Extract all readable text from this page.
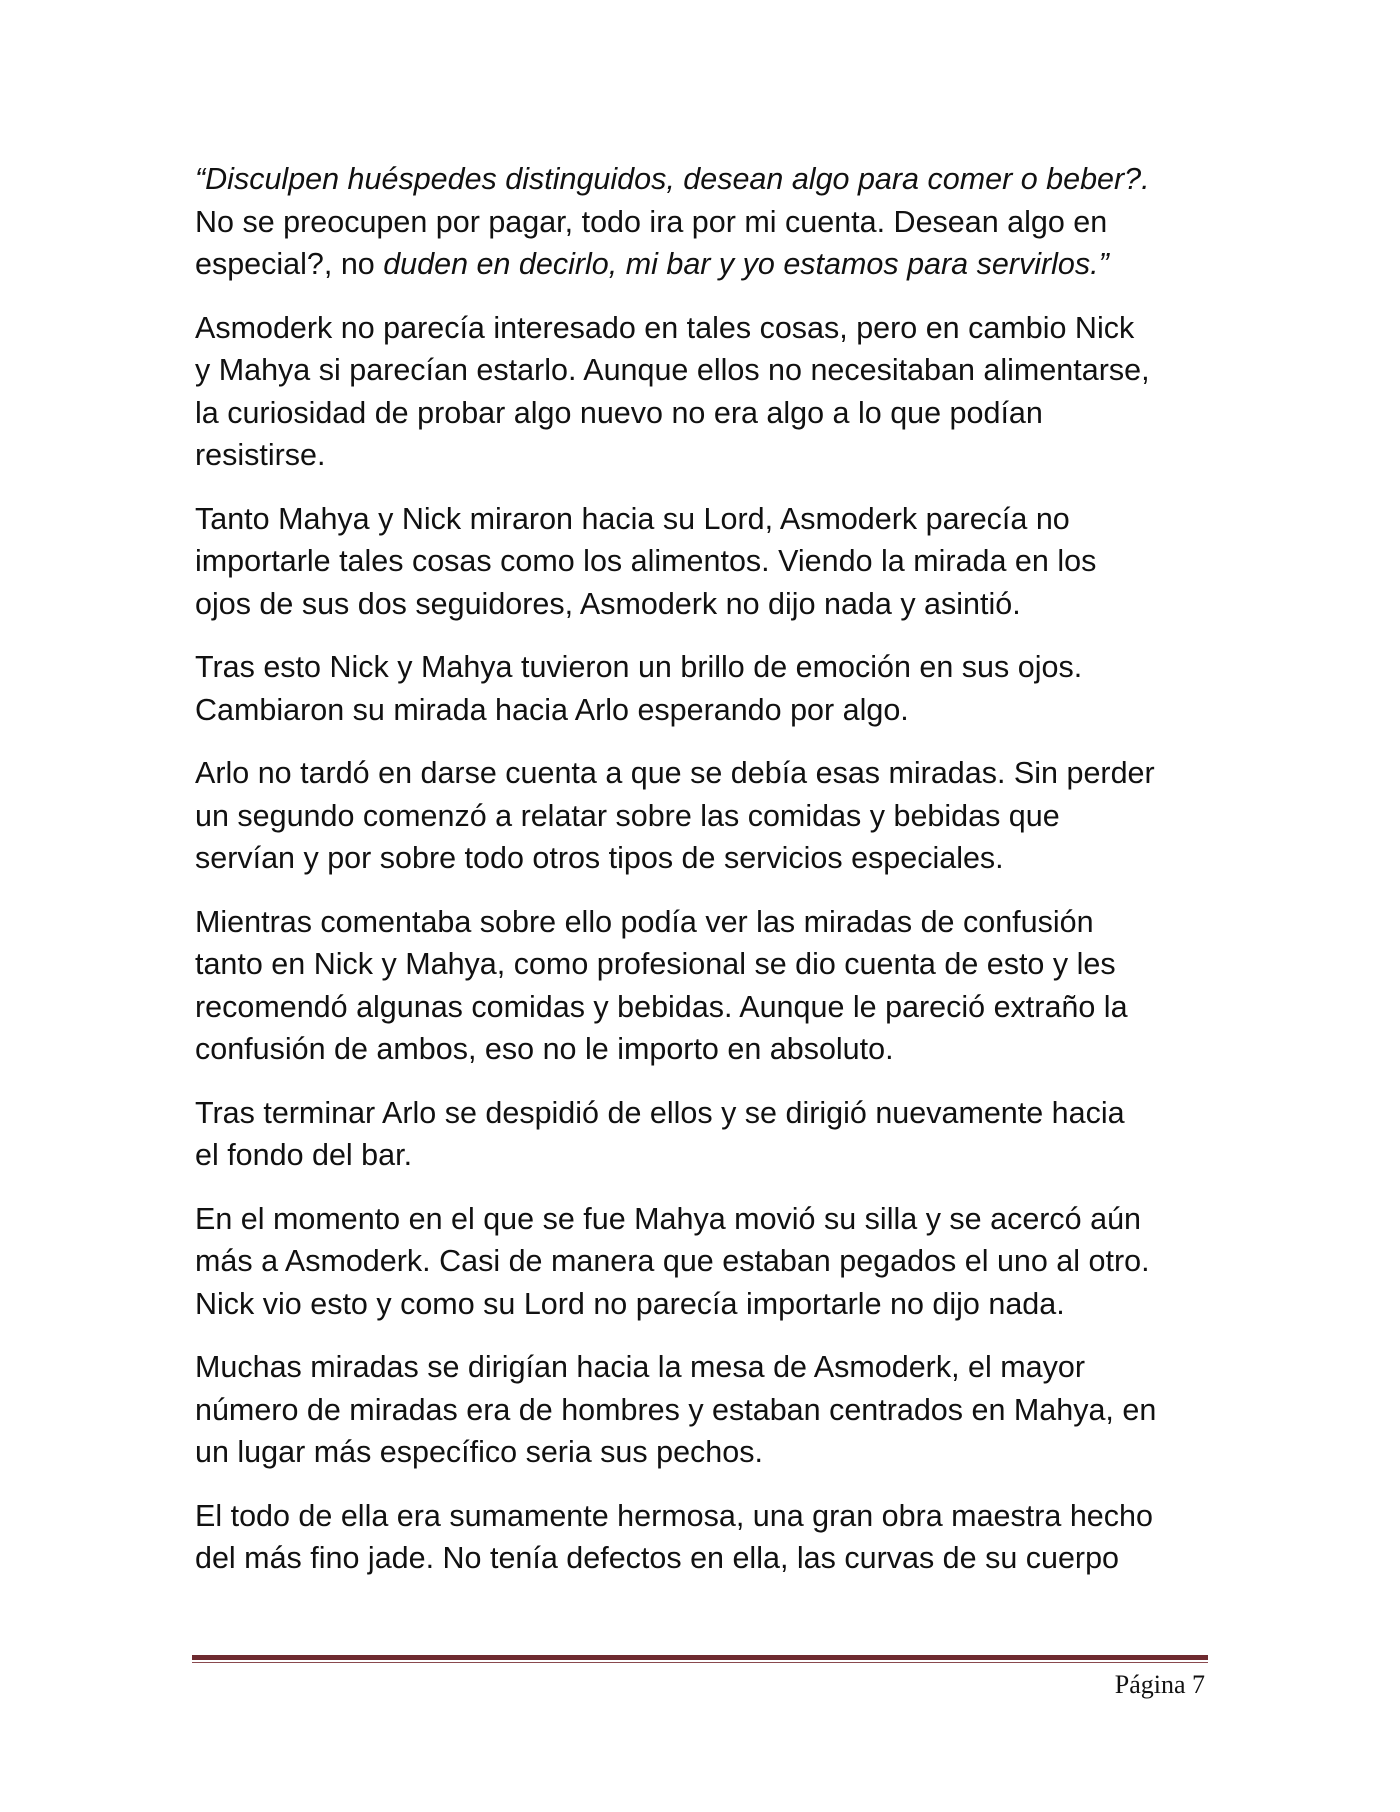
“Disculpen huéspedes distinguidos, desean algo para comer o beber?.
No se preocupen por pagar, todo ira por mi cuenta. Desean algo en
especial?, no duden en decirlo, mi bar y yo estamos para servirlos.”

Asmoderk no parecía interesado en tales cosas, pero en cambio Nick
y Mahya si parecían estarlo. Aunque ellos no necesitaban alimentarse,
la curiosidad de probar algo nuevo no era algo a lo que podían
resistirse.

Tanto Mahya y Nick miraron hacia su Lord, Asmoderk parecía no
importarle tales cosas como los alimentos. Viendo la mirada en los
ojos de sus dos seguidores, Asmoderk no dijo nada y asintió.

Tras esto Nick y Mahya tuvieron un brillo de emoción en sus ojos.
Cambiaron su mirada hacia Arlo esperando por algo.

Arlo no tardó en darse cuenta a que se debía esas miradas. Sin perder
un segundo comenzó a relatar sobre las comidas y bebidas que
servían y por sobre todo otros tipos de servicios especiales.

Mientras comentaba sobre ello podía ver las miradas de confusión
tanto en Nick y Mahya, como profesional se dio cuenta de esto y les
recomendó algunas comidas y bebidas. Aunque le pareció extraño la
confusión de ambos, eso no le importo en absoluto.

Tras terminar Arlo se despidió de ellos y se dirigió nuevamente hacia
el fondo del bar.

En el momento en el que se fue Mahya movió su silla y se acercó aún
más a Asmoderk. Casi de manera que estaban pegados el uno al otro.
Nick vio esto y como su Lord no parecía importarle no dijo nada.

Muchas miradas se dirigían hacia la mesa de Asmoderk, el mayor
número de miradas era de hombres y estaban centrados en Mahya, en
un lugar más específico seria sus pechos.

El todo de ella era sumamente hermosa, una gran obra maestra hecho
del más fino jade. No tenía defectos en ella, las curvas de su cuerpo

Página 7
